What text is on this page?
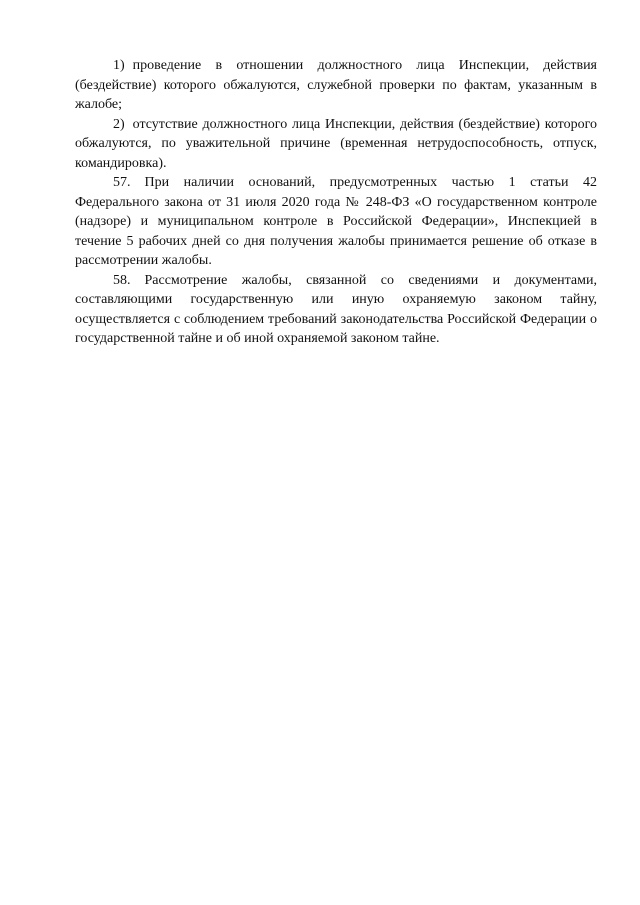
1) проведение в отношении должностного лица Инспекции, действия (бездействие) которого обжалуются, служебной проверки по фактам, указанным в жалобе;

2) отсутствие должностного лица Инспекции, действия (бездействие) которого обжалуются, по уважительной причине (временная нетрудоспособность, отпуск, командировка).

57. При наличии оснований, предусмотренных частью 1 статьи 42 Федерального закона от 31 июля 2020 года № 248-ФЗ «О государственном контроле (надзоре) и муниципальном контроле в Российской Федерации», Инспекцией в течение 5 рабочих дней со дня получения жалобы принимается решение об отказе в рассмотрении жалобы.

58. Рассмотрение жалобы, связанной со сведениями и документами, составляющими государственную или иную охраняемую законом тайну, осуществляется с соблюдением требований законодательства Российской Федерации о государственной тайне и об иной охраняемой законом тайне.
